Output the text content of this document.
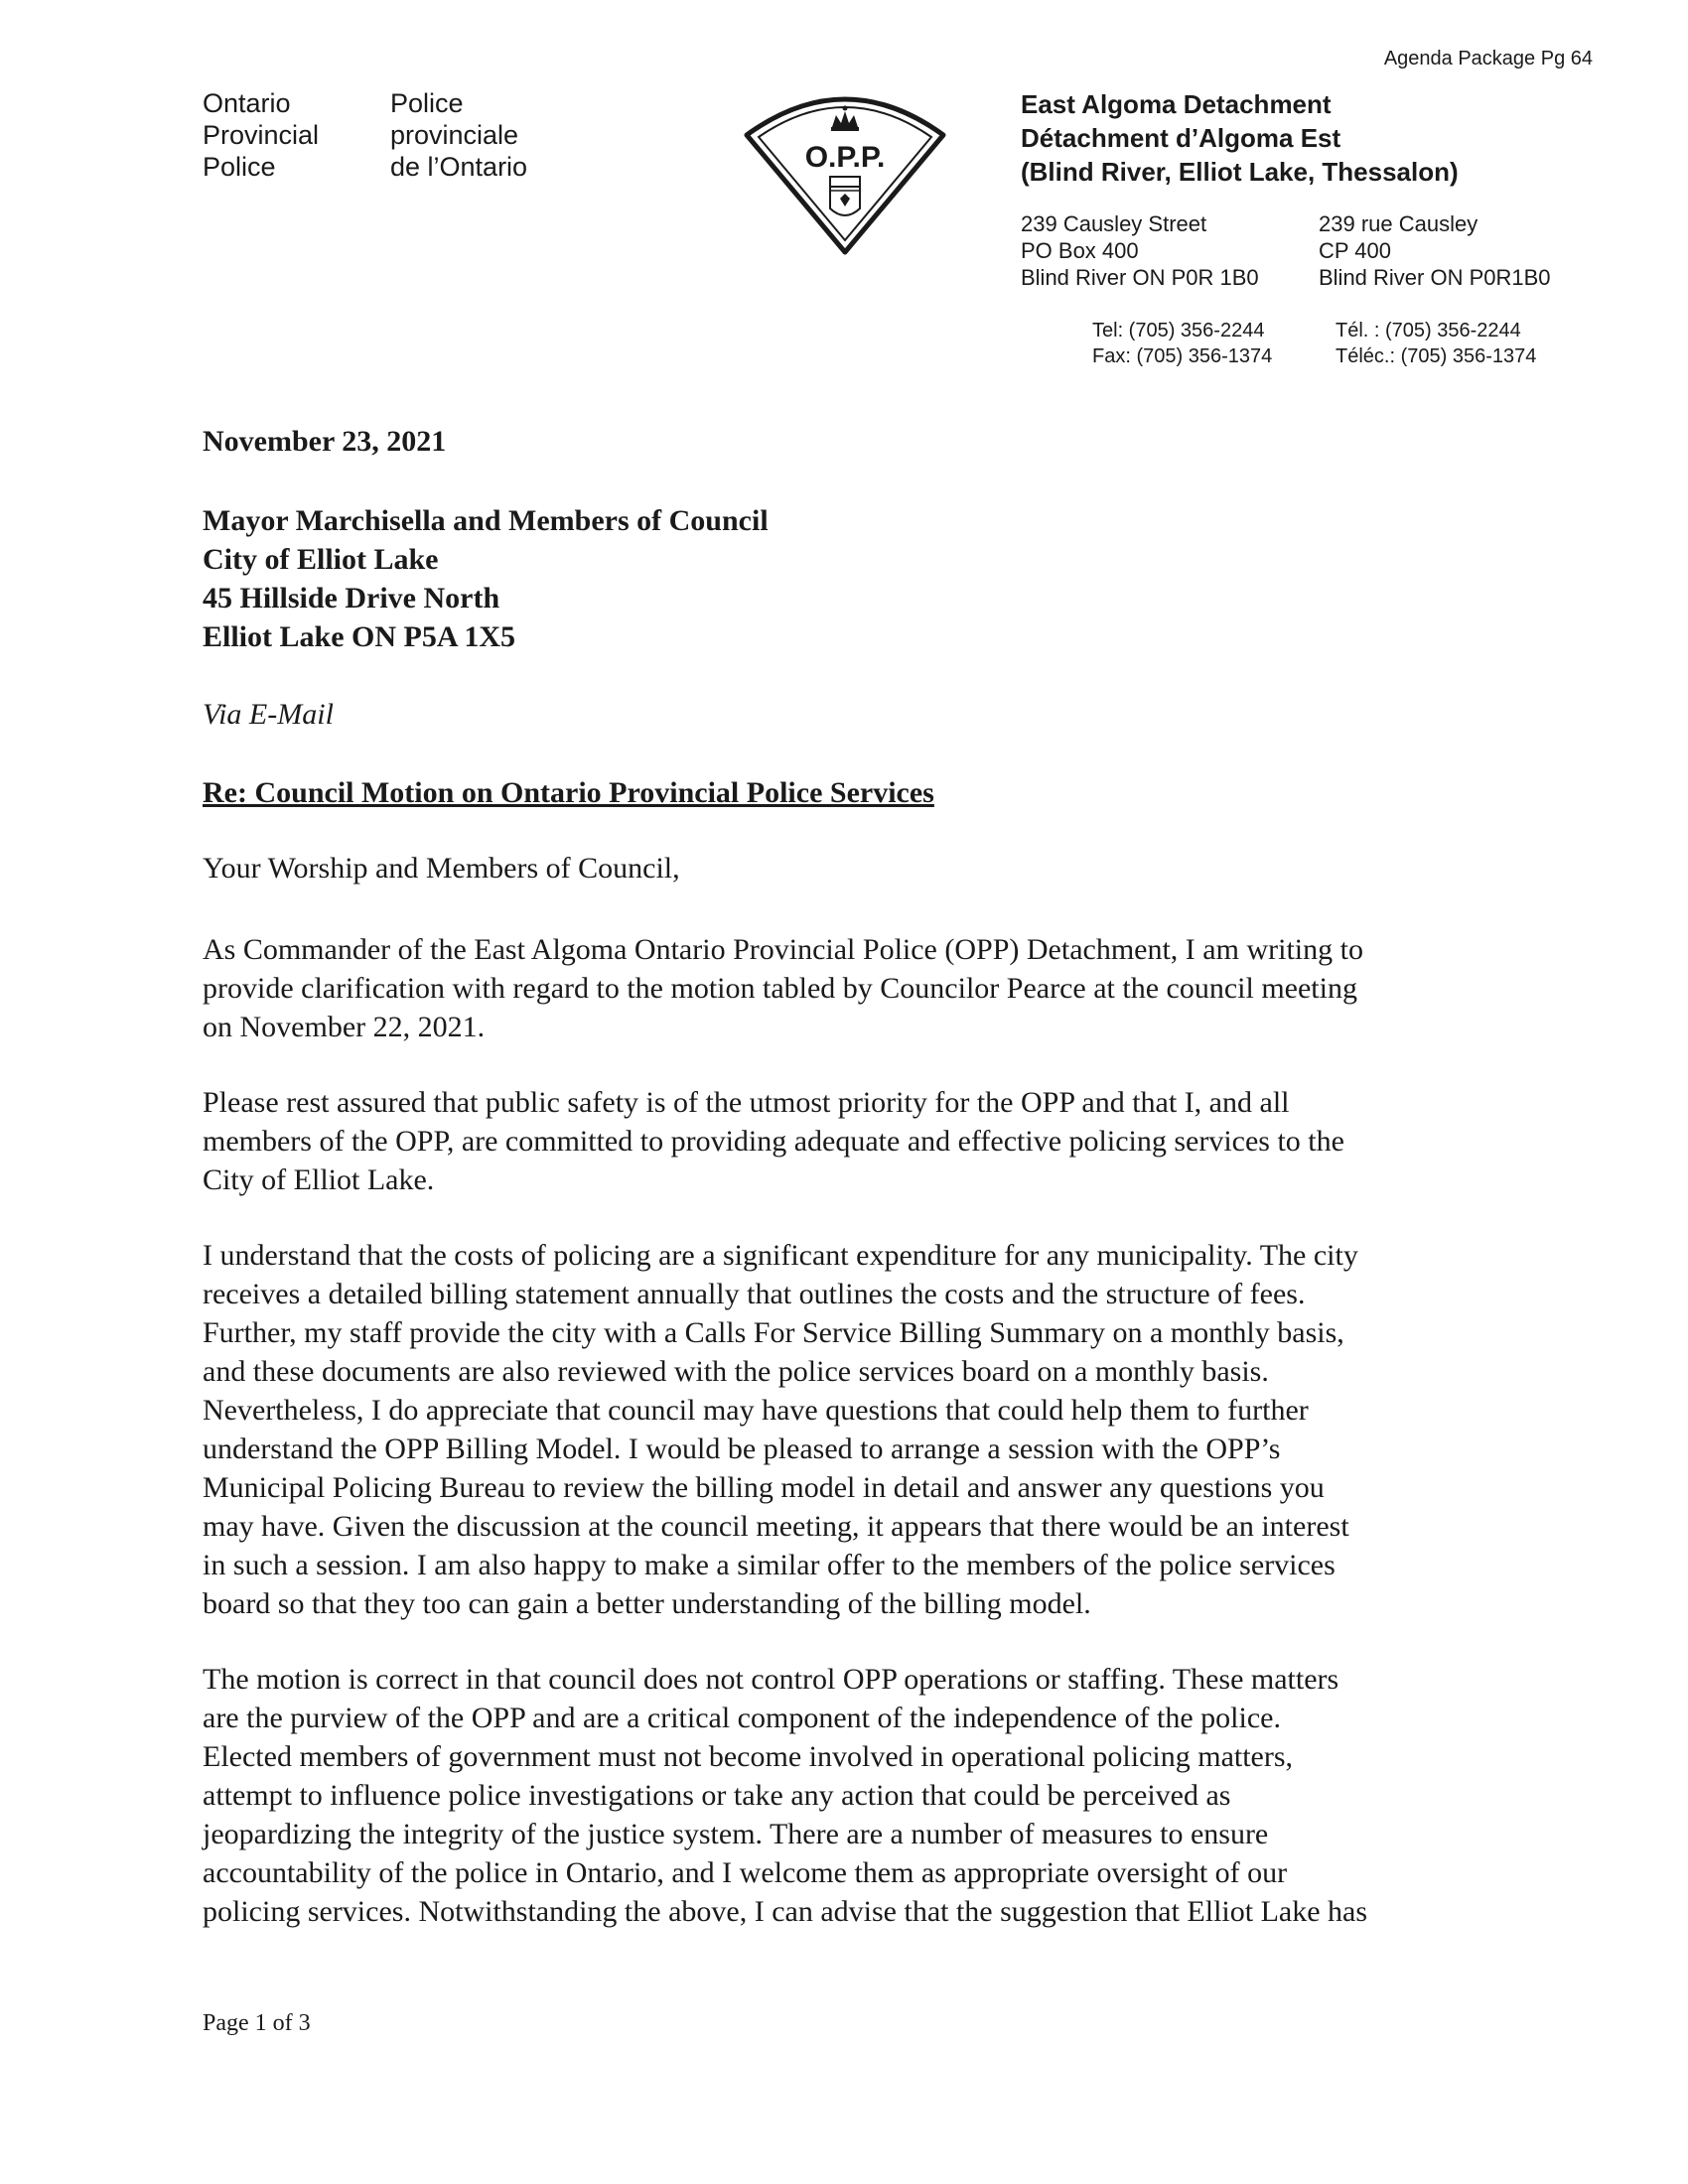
Agenda Package Pg 64
Ontario
Provincial
Police
Police
provinciale
de l’Ontario	O.P.P.
East Algoma Detachment
Détachment d’Algoma Est
(Blind River, Elliot Lake, Thessalon)
239 Causley Street
PO Box 400
Blind River ON P0R 1B0
239 rue Causley
CP 400
Blind River ON P0R1B0
Tel: (705) 356-2244
Fax: (705) 356-1374
Tél. : (705) 356-2244
Téléc.: (705) 356-1374
November 23, 2021
Mayor Marchisella and Members of Council
City of Elliot Lake
45 Hillside Drive North
Elliot Lake ON P5A 1X5
Via E-Mail
Re: Council Motion on Ontario Provincial Police Services
Your Worship and Members of Council,
As Commander of the East Algoma Ontario Provincial Police (OPP) Detachment, I am writing to
provide clarification with regard to the motion tabled by Councilor Pearce at the council meeting
on November 22, 2021.
Please rest assured that public safety is of the utmost priority for the OPP and that I, and all
members of the OPP, are committed to providing adequate and effective policing services to the
City of Elliot Lake.
I understand that the costs of policing are a significant expenditure for any municipality. The city
receives a detailed billing statement annually that outlines the costs and the structure of fees.
Further, my staff provide the city with a Calls For Service Billing Summary on a monthly basis,
and these documents are also reviewed with the police services board on a monthly basis.
Nevertheless, I do appreciate that council may have questions that could help them to further
understand the OPP Billing Model. I would be pleased to arrange a session with the OPP’s
Municipal Policing Bureau to review the billing model in detail and answer any questions you
may have. Given the discussion at the council meeting, it appears that there would be an interest
in such a session. I am also happy to make a similar offer to the members of the police services
board so that they too can gain a better understanding of the billing model.
The motion is correct in that council does not control OPP operations or staffing. These matters
are the purview of the OPP and are a critical component of the independence of the police.
Elected members of government must not become involved in operational policing matters,
attempt to influence police investigations or take any action that could be perceived as
jeopardizing the integrity of the justice system. There are a number of measures to ensure
accountability of the police in Ontario, and I welcome them as appropriate oversight of our
policing services. Notwithstanding the above, I can advise that the suggestion that Elliot Lake has
Page 1 of 3
